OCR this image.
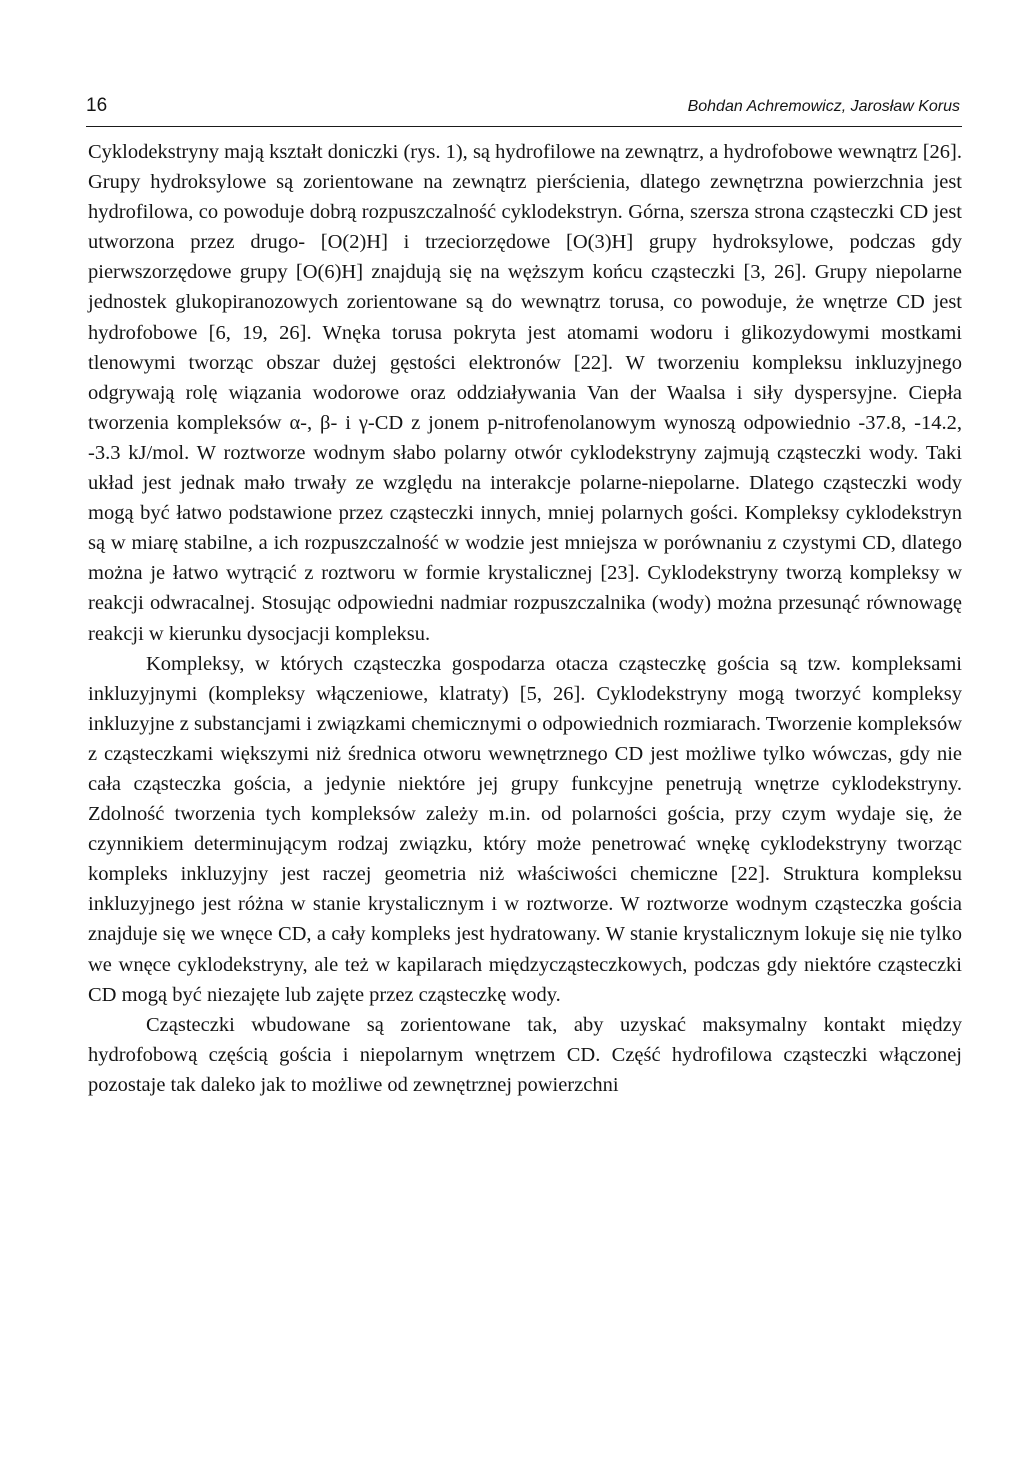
16	Bohdan Achremowicz, Jarosław Korus

Cyklodekstryny mają kształt doniczki (rys. 1), są hydrofilowe na zewnątrz, a hydrofobowe wewnątrz [26]. Grupy hydroksylowe są zorientowane na zewnątrz pierścienia, dlatego zewnętrzna powierzchnia jest hydrofilowa, co powoduje dobrą rozpuszczalność cyklodekstryn. Górna, szersza strona cząsteczki CD jest utworzona przez drugo- [O(2)H] i trzeciorzędowe [O(3)H] grupy hydroksylowe, podczas gdy pierwszorzędowe grupy [O(6)H] znajdują się na węższym końcu cząsteczki [3, 26]. Grupy niepolarne jednostek glukopiranozowych zorientowane są do wewnątrz torusa, co powoduje, że wnętrze CD jest hydrofobowe [6, 19, 26]. Wnęka torusa pokryta jest atomami wodoru i glikozydowymi mostkami tlenowymi tworząc obszar dużej gęstości elektronów [22]. W tworzeniu kompleksu inkluzyjnego odgrywają rolę wiązania wodorowe oraz oddziaływania Van der Waalsa i siły dyspersyjne. Ciepła tworzenia kompleksów α-, β- i γ-CD z jonem p-nitrofenolanowym wynoszą odpowiednio -37.8, -14.2, -3.3 kJ/mol. W roztworze wodnym słabo polarny otwór cyklodekstryny zajmują cząsteczki wody. Taki układ jest jednak mało trwały ze względu na interakcje polarne-niepolarne. Dlatego cząsteczki wody mogą być łatwo podstawione przez cząsteczki innych, mniej polarnych gości. Kompleksy cyklodekstryn są w miarę stabilne, a ich rozpuszczalność w wodzie jest mniejsza w porównaniu z czystymi CD, dlatego można je łatwo wytrącić z roztworu w formie krystalicznej [23]. Cyklodekstryny tworzą kompleksy w reakcji odwracalnej. Stosując odpowiedni nadmiar rozpuszczalnika (wody) można przesunąć równowagę reakcji w kierunku dysocjacji kompleksu.

Kompleksy, w których cząsteczka gospodarza otacza cząsteczkę gościa są tzw. kompleksami inkluzyjnymi (kompleksy włączeniowe, klatraty) [5, 26]. Cyklodekstryny mogą tworzyć kompleksy inkluzyjne z substancjami i związkami chemicznymi o odpowiednich rozmiarach. Tworzenie kompleksów z cząsteczkami większymi niż średnica otworu wewnętrznego CD jest możliwe tylko wówczas, gdy nie cała cząsteczka gościa, a jedynie niektóre jej grupy funkcyjne penetrują wnętrze cyklodekstryny. Zdolność tworzenia tych kompleksów zależy m.in. od polarności gościa, przy czym wydaje się, że czynnikiem determinującym rodzaj związku, który może penetrować wnękę cyklodekstryny tworząc kompleks inkluzyjny jest raczej geometria niż właściwości chemiczne [22]. Struktura kompleksu inkluzyjnego jest różna w stanie krystalicznym i w roztworze. W roztworze wodnym cząsteczka gościa znajduje się we wnęce CD, a cały kompleks jest hydratowany. W stanie krystalicznym lokuje się nie tylko we wnęce cyklodekstryny, ale też w kapilarach międzycząsteczkowych, podczas gdy niektóre cząsteczki CD mogą być niezajęte lub zajęte przez cząsteczkę wody.

Cząsteczki wbudowane są zorientowane tak, aby uzyskać maksymalny kontakt między hydrofobową częścią gościa i niepolarnym wnętrzem CD. Część hydrofilowa cząsteczki włączonej pozostaje tak daleko jak to możliwe od zewnętrznej powierzchni
